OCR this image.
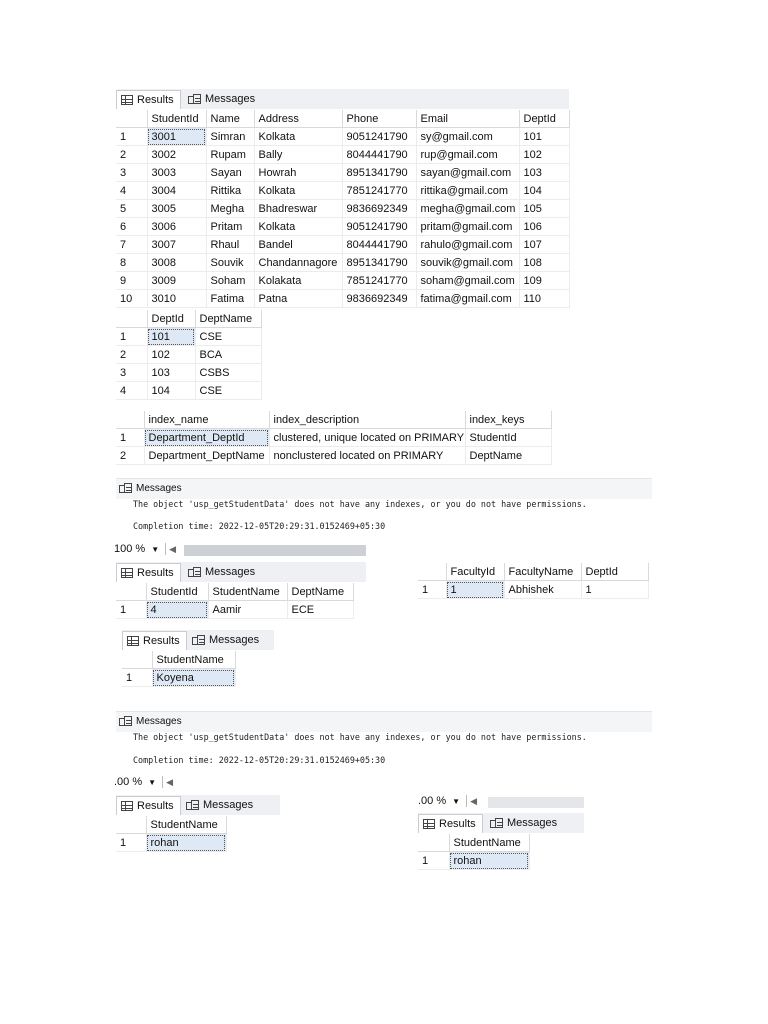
Results	Messages
	StudentId	Name	Address	Phone	Email	DeptId
1	3001	Simran	Kolkata	9051241790	sy@gmail.com	101
2	3002	Rupam	Bally	8044441790	rup@gmail.com	102
3	3003	Sayan	Howrah	8951341790	sayan@gmail.com	103
4	3004	Rittika	Kolkata	7851241770	rittika@gmail.com	104
5	3005	Megha	Bhadreswar	9836692349	megha@gmail.com	105
6	3006	Pritam	Kolkata	9051241790	pritam@gmail.com	106
7	3007	Rhaul	Bandel	8044441790	rahulo@gmail.com	107
8	3008	Souvik	Chandannagore	8951341790	souvik@gmail.com	108
9	3009	Soham	Kolakata	7851241770	soham@gmail.com	109
10	3010	Fatima	Patna	9836692349	fatima@gmail.com	110
	DeptId	DeptName
1	101	CSE
2	102	BCA
3	103	CSBS
4	104	CSE
	index_name	index_description	index_keys
1	Department_DeptId	clustered, unique located on PRIMARY	StudentId
2	Department_DeptName	nonclustered located on PRIMARY	DeptName
Messages
The object 'usp_getStudentData' does not have any indexes, or you do not have permissions.
Completion time: 2022-12-05T20:29:31.0152469+05:30
100 % ▼ ◀
Results	Messages
	StudentId	StudentName	DeptName
1	4	Aamir	ECE
	FacultyId	FacultyName	DeptId
1	1	Abhishek	1
Results	Messages
	StudentName
1	Koyena
Messages
The object 'usp_getStudentData' does not have any indexes, or you do not have permissions.
Completion time: 2022-12-05T20:29:31.0152469+05:30
.00 % ▼ ◀
Results	Messages
	StudentName
1	rohan
.00 % ▼ ◀
Results	Messages
	StudentName
1	rohan
